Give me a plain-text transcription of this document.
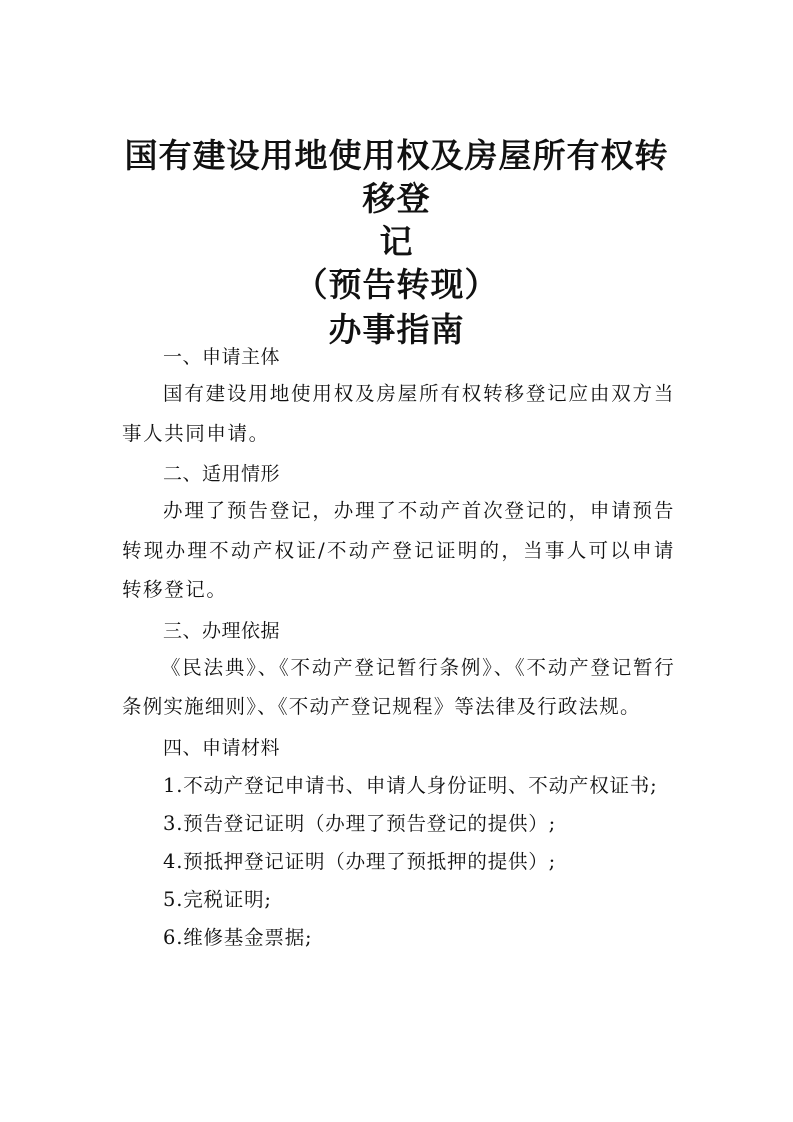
国有建设用地使用权及房屋所有权转移登
记
（预告转现）
办事指南
一、申请主体

国有建设用地使用权及房屋所有权转移登记应由双方当事人共同申请。

二、适用情形

办理了预告登记，办理了不动产首次登记的，申请预告转现办理不动产权证/不动产登记证明的，当事人可以申请转移登记。

三、办理依据

《民法典》、《不动产登记暂行条例》、《不动产登记暂行条例实施细则》、《不动产登记规程》等法律及行政法规。

四、申请材料
1.不动产登记申请书、申请人身份证明、不动产权证书;
3.预告登记证明（办理了预告登记的提供）;
4.预抵押登记证明（办理了预抵押的提供）;
5.完税证明;
6.维修基金票据;
